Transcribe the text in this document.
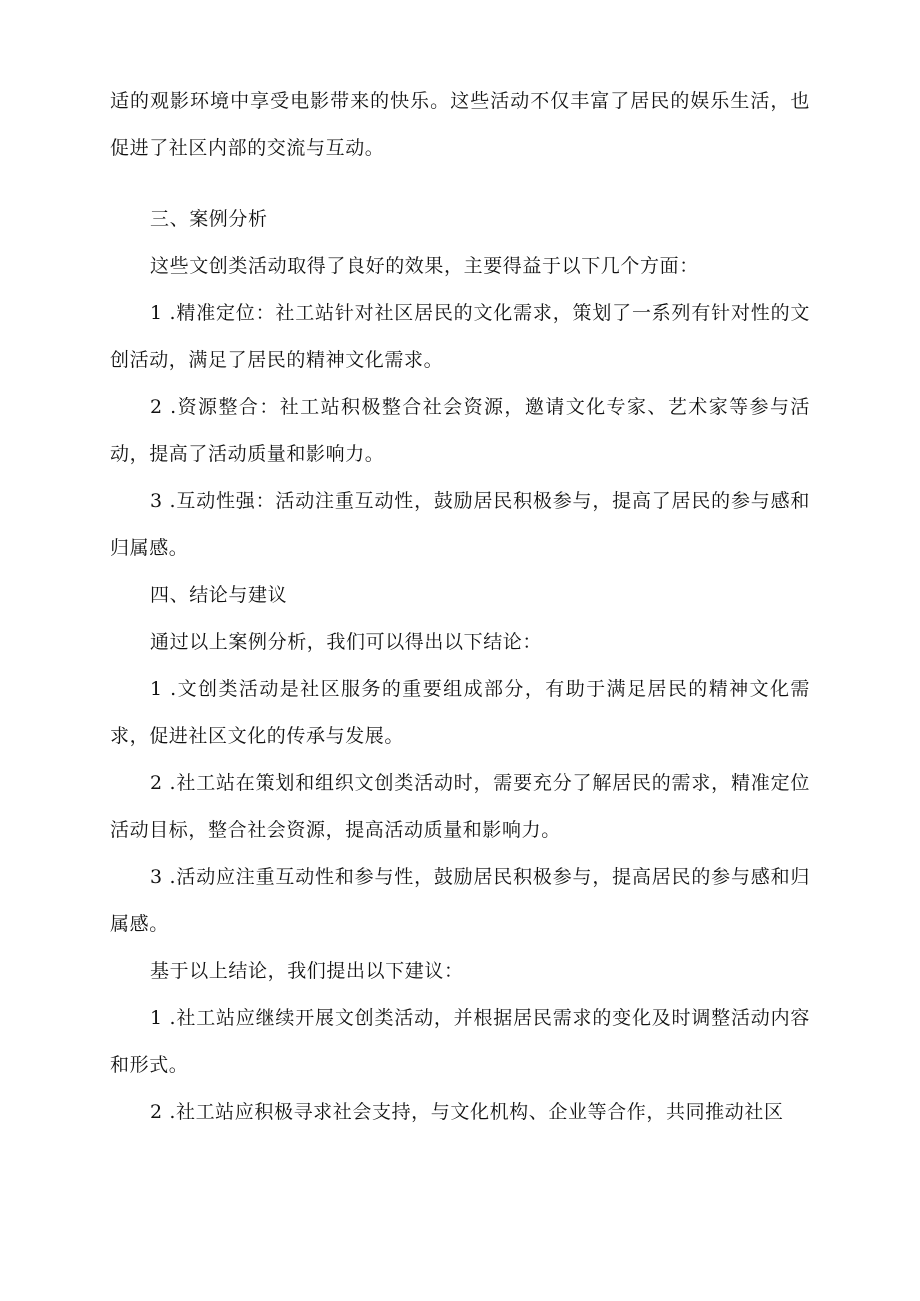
适的观影环境中享受电影带来的快乐。这些活动不仅丰富了居民的娱乐生活，也促进了社区内部的交流与互动。

三、案例分析

这些文创类活动取得了良好的效果，主要得益于以下几个方面：

1 .精准定位：社工站针对社区居民的文化需求，策划了一系列有针对性的文创活动，满足了居民的精神文化需求。

2 .资源整合：社工站积极整合社会资源，邀请文化专家、艺术家等参与活动，提高了活动质量和影响力。

3 .互动性强：活动注重互动性，鼓励居民积极参与，提高了居民的参与感和归属感。

四、结论与建议

通过以上案例分析，我们可以得出以下结论：

1 .文创类活动是社区服务的重要组成部分，有助于满足居民的精神文化需求，促进社区文化的传承与发展。

2 .社工站在策划和组织文创类活动时，需要充分了解居民的需求，精准定位活动目标，整合社会资源，提高活动质量和影响力。

3 .活动应注重互动性和参与性，鼓励居民积极参与，提高居民的参与感和归属感。

基于以上结论，我们提出以下建议：

1 .社工站应继续开展文创类活动，并根据居民需求的变化及时调整活动内容和形式。

2 .社工站应积极寻求社会支持，与文化机构、企业等合作，共同推动社区
